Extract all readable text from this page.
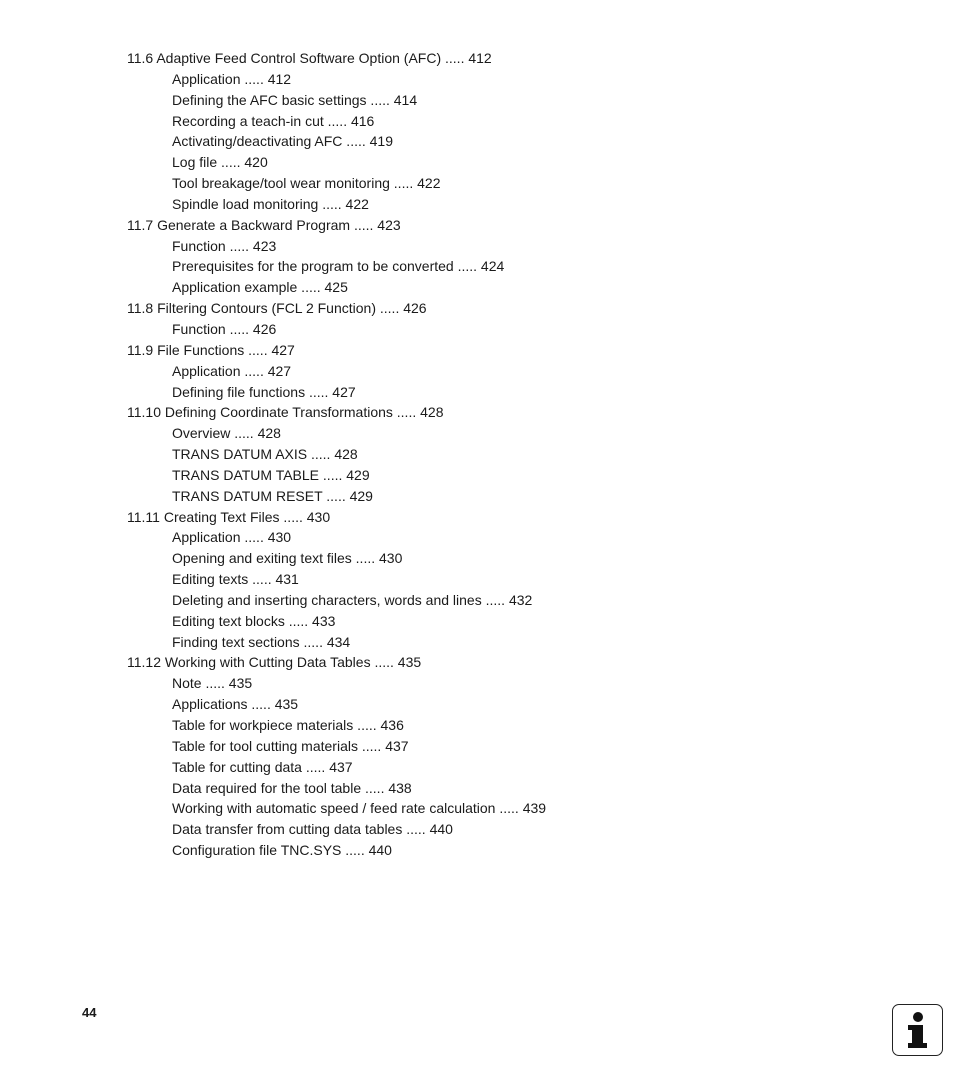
11.6 Adaptive Feed Control Software Option (AFC) ..... 412
Application ..... 412
Defining the AFC basic settings ..... 414
Recording a teach-in cut ..... 416
Activating/deactivating AFC ..... 419
Log file ..... 420
Tool breakage/tool wear monitoring ..... 422
Spindle load monitoring ..... 422
11.7 Generate a Backward Program ..... 423
Function ..... 423
Prerequisites for the program to be converted ..... 424
Application example ..... 425
11.8 Filtering Contours (FCL 2 Function) ..... 426
Function ..... 426
11.9 File Functions ..... 427
Application ..... 427
Defining file functions ..... 427
11.10 Defining Coordinate Transformations ..... 428
Overview ..... 428
TRANS DATUM AXIS ..... 428
TRANS DATUM TABLE ..... 429
TRANS DATUM RESET ..... 429
11.11 Creating Text Files ..... 430
Application ..... 430
Opening and exiting text files ..... 430
Editing texts ..... 431
Deleting and inserting characters, words and lines ..... 432
Editing text blocks ..... 433
Finding text sections ..... 434
11.12 Working with Cutting Data Tables ..... 435
Note ..... 435
Applications ..... 435
Table for workpiece materials ..... 436
Table for tool cutting materials ..... 437
Table for cutting data ..... 437
Data required for the tool table ..... 438
Working with automatic speed / feed rate calculation ..... 439
Data transfer from cutting data tables ..... 440
Configuration file TNC.SYS ..... 440
44
